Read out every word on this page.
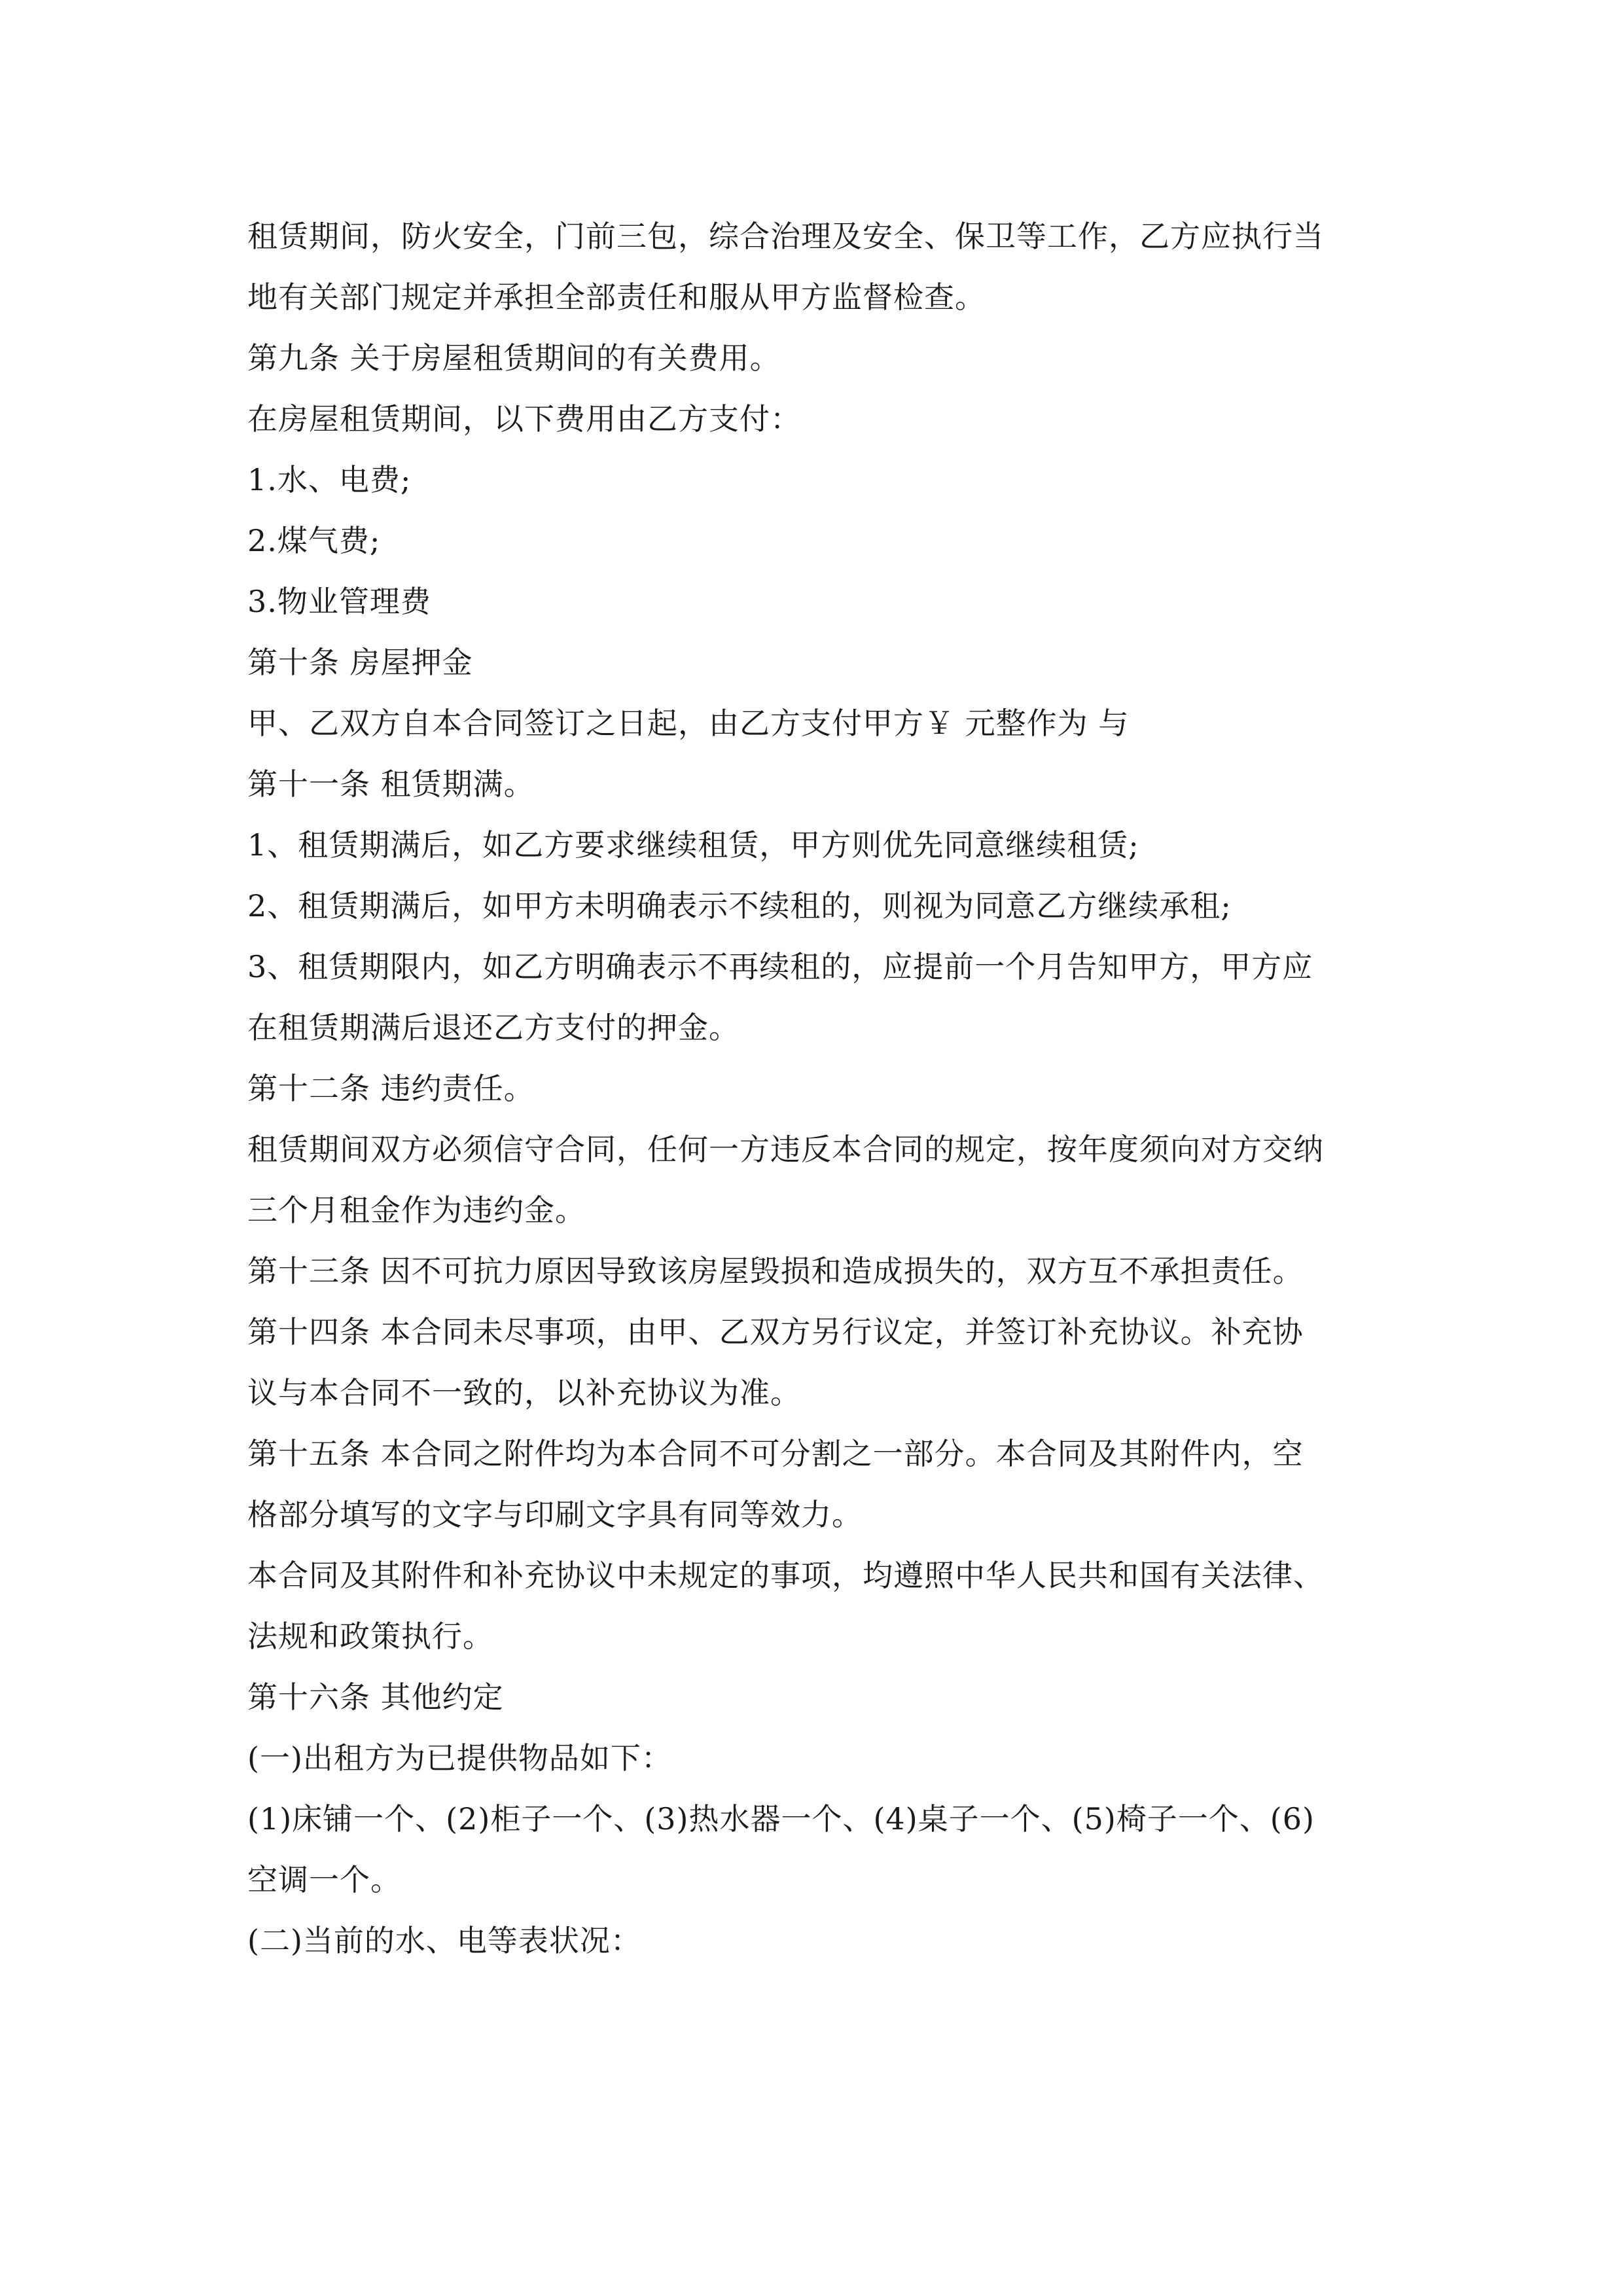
租赁期间，防火安全，门前三包，综合治理及安全、保卫等工作，乙方应执行当
地有关部门规定并承担全部责任和服从甲方监督检查。
第九条 关于房屋租赁期间的有关费用。
在房屋租赁期间，以下费用由乙方支付：
1.水、电费;
2.煤气费;
3.物业管理费
第十条 房屋押金
甲、乙双方自本合同签订之日起，由乙方支付甲方￥ 元整作为 与
第十一条 租赁期满。
1、租赁期满后，如乙方要求继续租赁，甲方则优先同意继续租赁;
2、租赁期满后，如甲方未明确表示不续租的，则视为同意乙方继续承租;
3、租赁期限内，如乙方明确表示不再续租的，应提前一个月告知甲方，甲方应
在租赁期满后退还乙方支付的押金。
第十二条 违约责任。
租赁期间双方必须信守合同，任何一方违反本合同的规定，按年度须向对方交纳
三个月租金作为违约金。
第十三条 因不可抗力原因导致该房屋毁损和造成损失的，双方互不承担责任。
第十四条 本合同未尽事项，由甲、乙双方另行议定，并签订补充协议。补充协
议与本合同不一致的，以补充协议为准。
第十五条 本合同之附件均为本合同不可分割之一部分。本合同及其附件内，空
格部分填写的文字与印刷文字具有同等效力。
本合同及其附件和补充协议中未规定的事项，均遵照中华人民共和国有关法律、
法规和政策执行。
第十六条 其他约定
(一)出租方为已提供物品如下：
(1)床铺一个、(2)柜子一个、(3)热水器一个、(4)桌子一个、(5)椅子一个、(6)
空调一个。
(二)当前的水、电等表状况：
